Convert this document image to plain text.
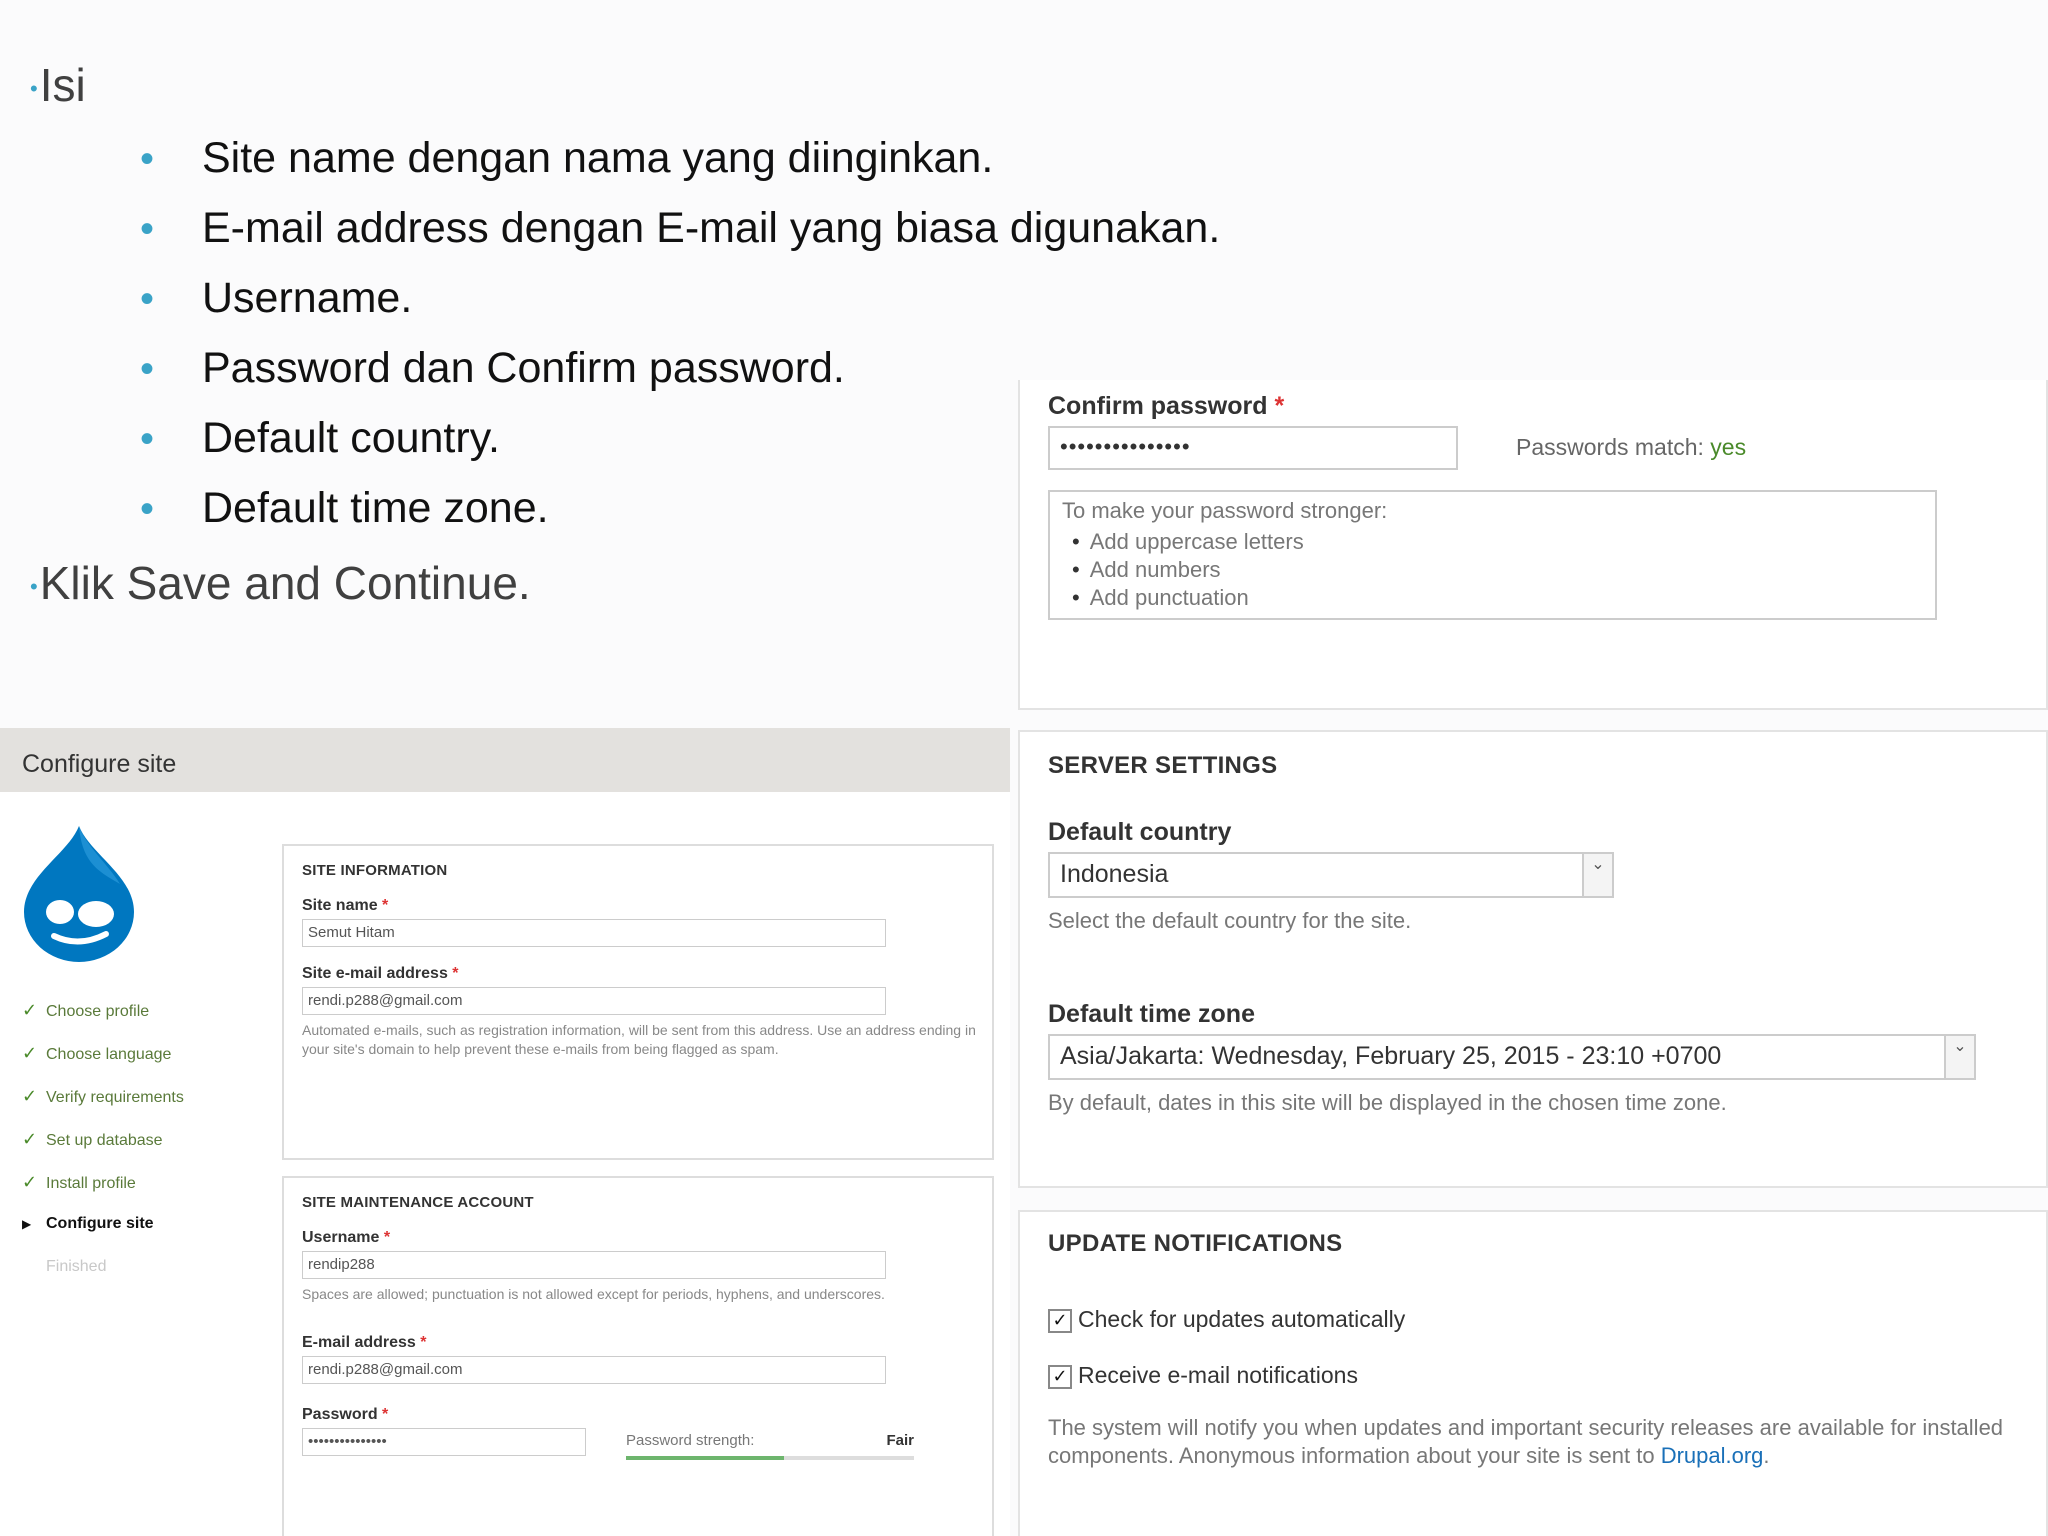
•Isi
• Site name dengan nama yang diinginkan.
• E-mail address dengan E-mail yang biasa digunakan.
• Username.
• Password dan Confirm password.
• Default country.
• Default time zone.
•Klik Save and Continue.
Configure site
✓ Choose profile
✓ Choose language
✓ Verify requirements
✓ Set up database
✓ Install profile
▶ Configure site
Finished
SITE INFORMATION
Site name *
Semut Hitam
Site e-mail address *
rendi.p288@gmail.com
Automated e-mails, such as registration information, will be sent from this address. Use an address ending in your site's domain to help prevent these e-mails from being flagged as spam.
SITE MAINTENANCE ACCOUNT
Username *
rendip288
Spaces are allowed; punctuation is not allowed except for periods, hyphens, and underscores.
E-mail address *
rendi.p288@gmail.com
Password *
•••••••••••••••	Password strength:	Fair
Confirm password *
•••••••••••••••	Passwords match: yes
To make your password stronger:
• Add uppercase letters
• Add numbers
• Add punctuation
SERVER SETTINGS
Default country
Indonesia	⌄
Select the default country for the site.
Default time zone
Asia/Jakarta: Wednesday, February 25, 2015 - 23:10 +0700	⌄
By default, dates in this site will be displayed in the chosen time zone.
UPDATE NOTIFICATIONS
✓ Check for updates automatically
✓ Receive e-mail notifications
The system will notify you when updates and important security releases are available for installed components. Anonymous information about your site is sent to Drupal.org.
